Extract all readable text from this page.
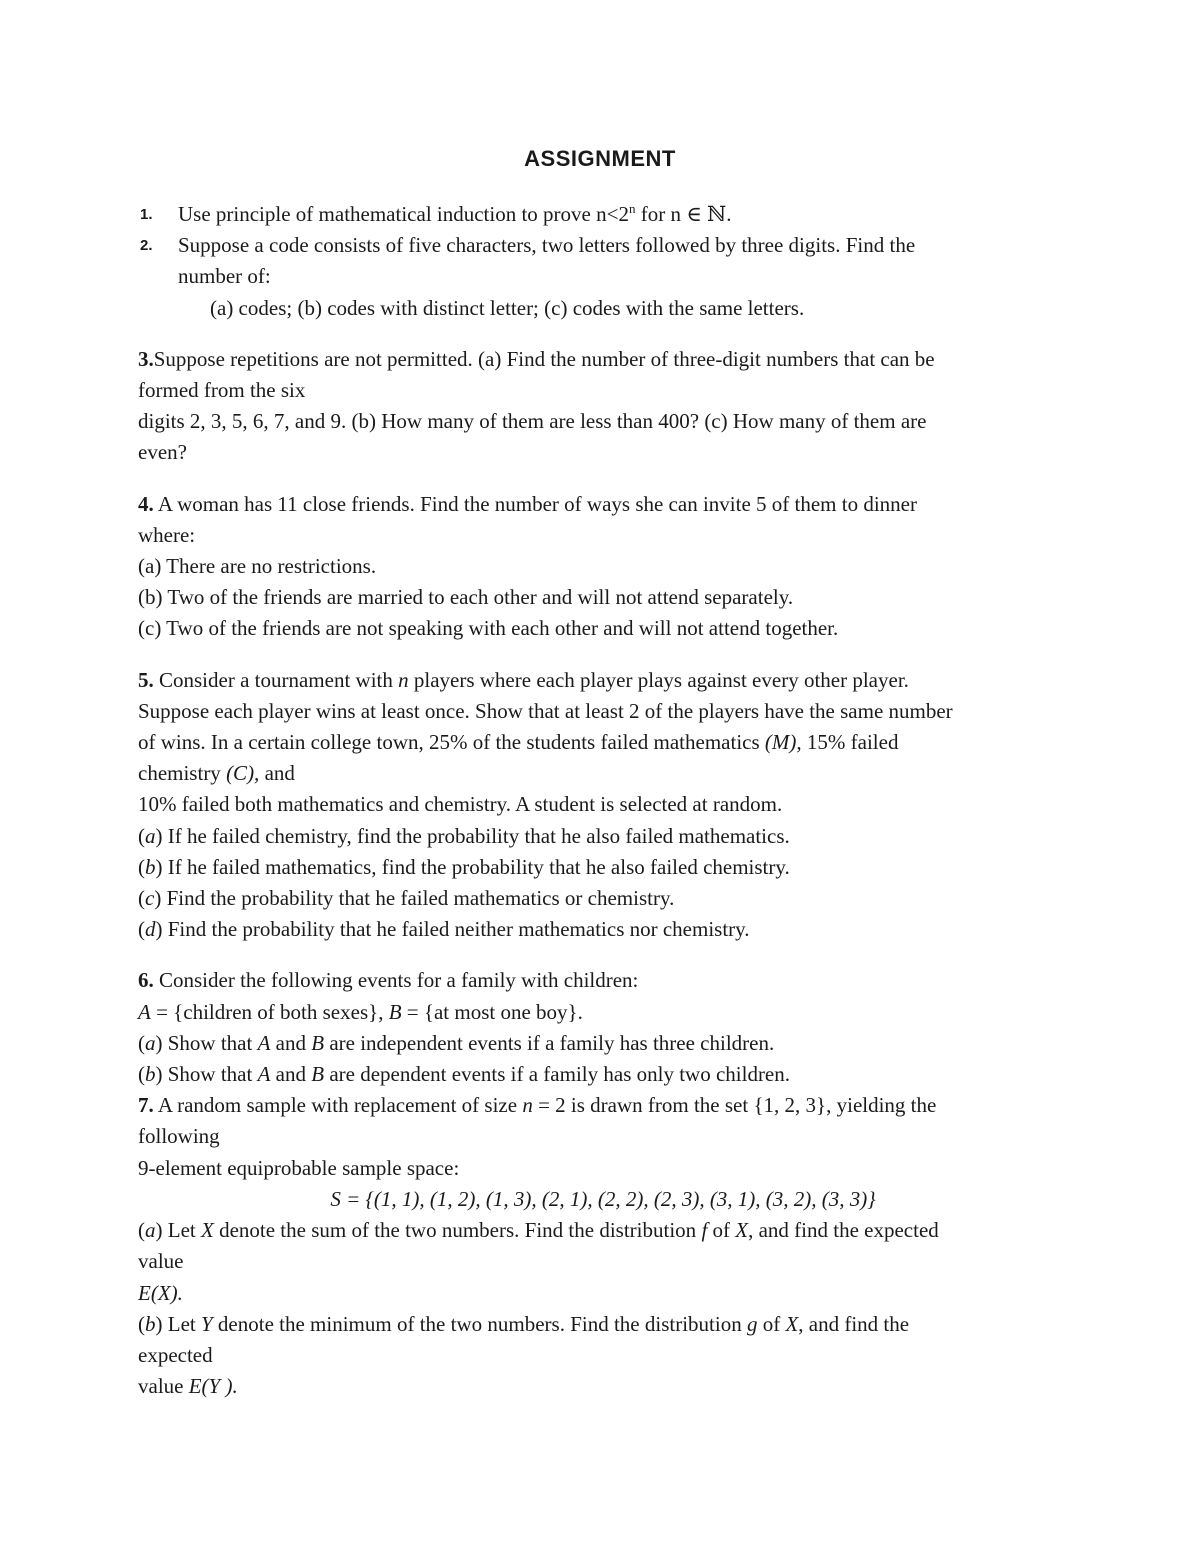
ASSIGNMENT
1.	Use principle of mathematical induction to prove $n<2^n$ for n ∈ ℕ.
2.	Suppose a code consists of five characters, two letters followed by three digits. Find the
number of:
(a) codes; (b) codes with distinct letter; (c) codes with the same letters.
3.Suppose repetitions are not permitted. (a) Find the number of three-digit numbers that can be
formed from the six
digits 2, 3, 5, 6, 7, and 9. (b) How many of them are less than 400? (c) How many of them are
even?
4. A woman has 11 close friends. Find the number of ways she can invite 5 of them to dinner
where:
(a) There are no restrictions.
(b) Two of the friends are married to each other and will not attend separately.
(c) Two of the friends are not speaking with each other and will not attend together.
5. Consider a tournament with n players where each player plays against every other player.
Suppose each player wins at least once. Show that at least 2 of the players have the same number
of wins. In a certain college town, 25% of the students failed mathematics (M), 15% failed
chemistry (C), and
10% failed both mathematics and chemistry. A student is selected at random.
(a) If he failed chemistry, find the probability that he also failed mathematics.
(b) If he failed mathematics, find the probability that he also failed chemistry.
(c) Find the probability that he failed mathematics or chemistry.
(d) Find the probability that he failed neither mathematics nor chemistry.
6. Consider the following events for a family with children:
A = {children of both sexes}, B = {at most one boy}.
(a) Show that A and B are independent events if a family has three children.
(b) Show that A and B are dependent events if a family has only two children.
7. A random sample with replacement of size n = 2 is drawn from the set {1, 2, 3}, yielding the
following
9-element equiprobable sample space:
S = {(1, 1), (1, 2), (1, 3), (2, 1), (2, 2), (2, 3), (3, 1), (3, 2), (3, 3)}
(a) Let X denote the sum of the two numbers. Find the distribution f of X, and find the expected
value
E(X).
(b) Let Y denote the minimum of the two numbers. Find the distribution g of X, and find the
expected
value E(Y ).
